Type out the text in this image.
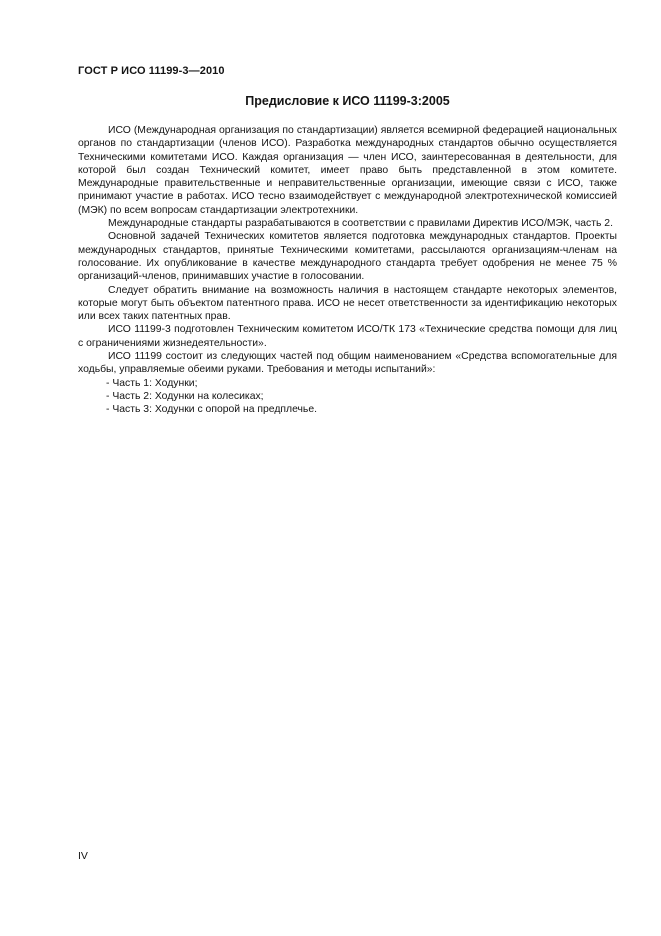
ГОСТ Р ИСО 11199-3—2010
Предисловие к ИСО 11199-3:2005

ИСО (Международная организация по стандартизации) является всемирной федерацией национальных органов по стандартизации (членов ИСО). Разработка международных стандартов обычно осуществляется Техническими комитетами ИСО. Каждая организация — член ИСО, заинтересованная в деятельности, для которой был создан Технический комитет, имеет право быть представленной в этом комитете. Международные правительственные и неправительственные организации, имеющие связи с ИСО, также принимают участие в работах. ИСО тесно взаимодействует с международной электротехнической комиссией (МЭК) по всем вопросам стандартизации электротехники.

Международные стандарты разрабатываются в соответствии с правилами Директив ИСО/МЭК, часть 2.

Основной задачей Технических комитетов является подготовка международных стандартов. Проекты международных стандартов, принятые Техническими комитетами, рассылаются организациям-членам на голосование. Их опубликование в качестве международного стандарта требует одобрения не менее 75 % организаций-членов, принимавших участие в голосовании.

Следует обратить внимание на возможность наличия в настоящем стандарте некоторых элементов, которые могут быть объектом патентного права. ИСО не несет ответственности за идентификацию некоторых или всех таких патентных прав.

ИСО 11199-3 подготовлен Техническим комитетом ИСО/ТК 173 «Технические средства помощи для лиц с ограничениями жизнедеятельности».

ИСО 11199 состоит из следующих частей под общим наименованием «Средства вспомогательные для ходьбы, управляемые обеими руками. Требования и методы испытаний»:

- Часть 1: Ходунки;
- Часть 2: Ходунки на колесиках;
- Часть 3: Ходунки с опорой на предплечье.
IV
